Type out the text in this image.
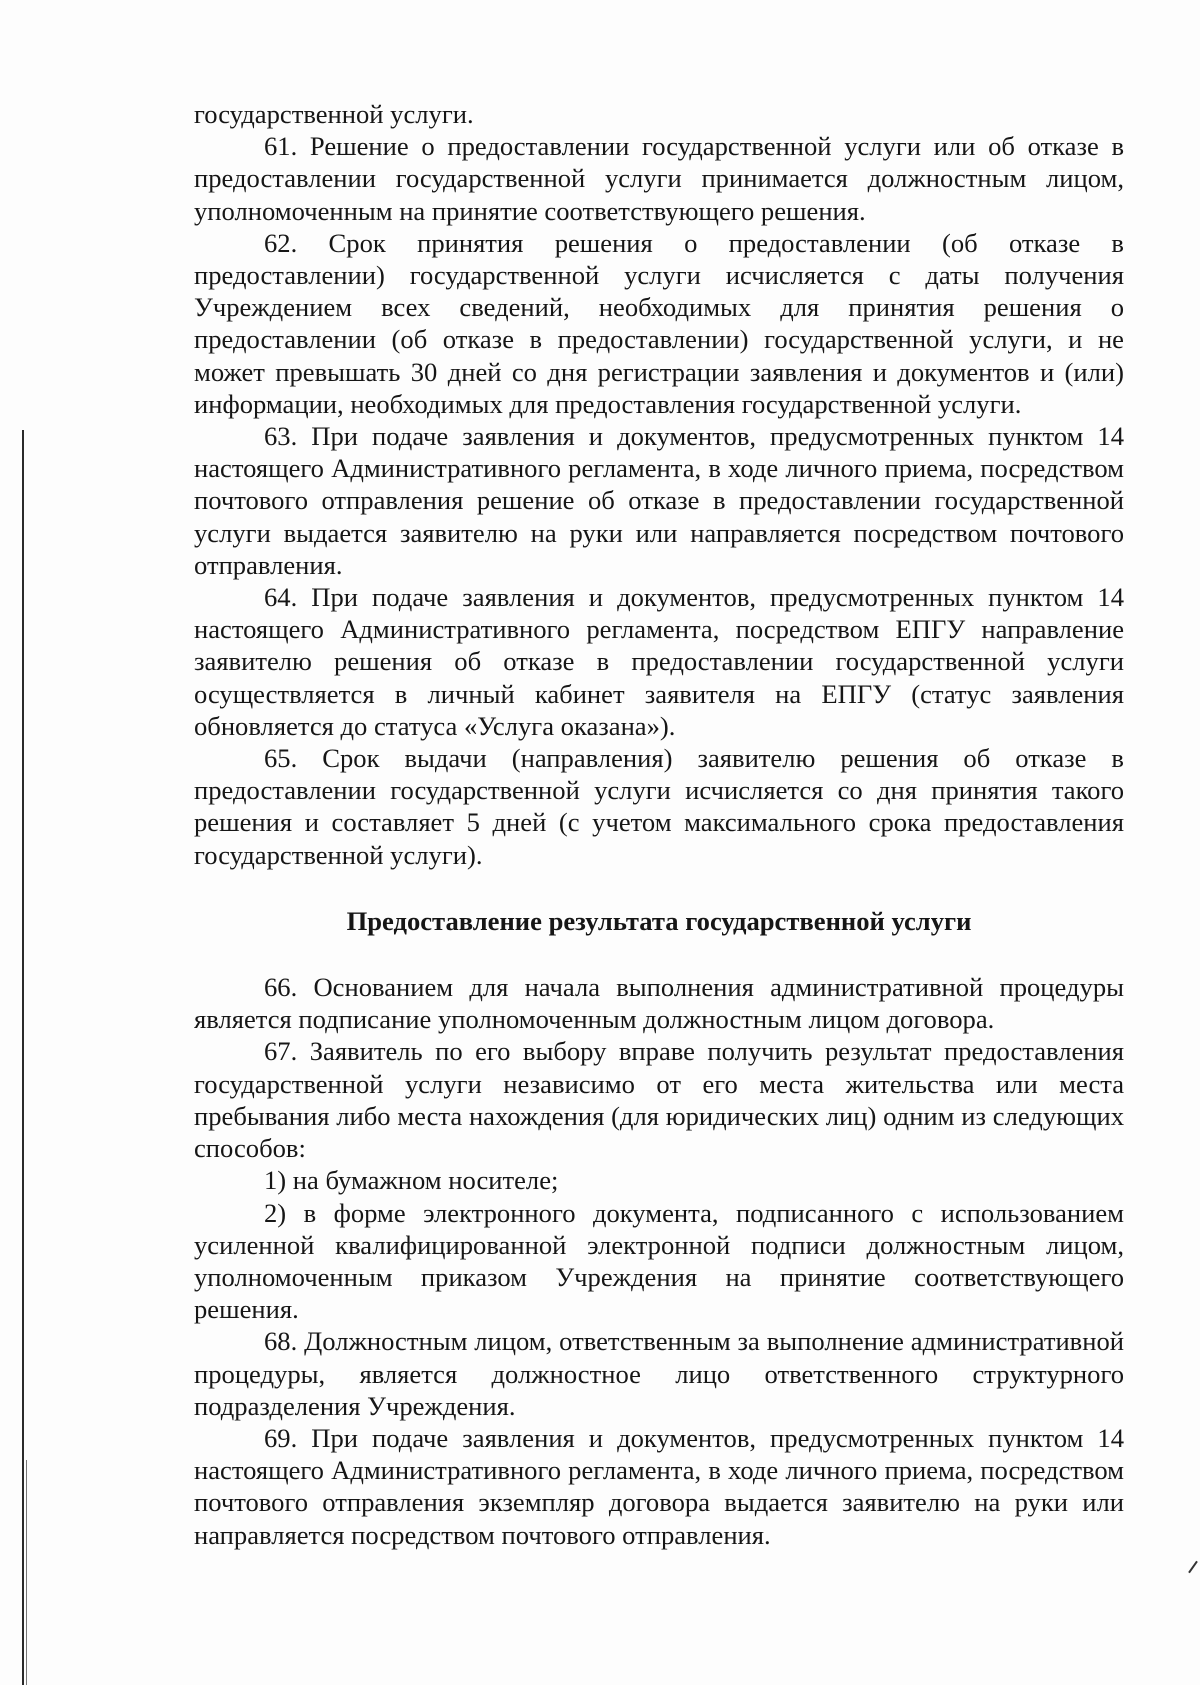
государственной услуги.

61. Решение о предоставлении государственной услуги или об отказе в предоставлении государственной услуги принимается должностным лицом, уполномоченным на принятие соответствующего решения.

62. Срок принятия решения о предоставлении (об отказе в предоставлении) государственной услуги исчисляется с даты получения Учреждением всех сведений, необходимых для принятия решения о предоставлении (об отказе в предоставлении) государственной услуги, и не может превышать 30 дней со дня регистрации заявления и документов и (или) информации, необходимых для предоставления государственной услуги.

63. При подаче заявления и документов, предусмотренных пунктом 14 настоящего Административного регламента, в ходе личного приема, посредством почтового отправления решение об отказе в предоставлении государственной услуги выдается заявителю на руки или направляется посредством почтового отправления.

64. При подаче заявления и документов, предусмотренных пунктом 14 настоящего Административного регламента, посредством ЕПГУ направление заявителю решения об отказе в предоставлении государственной услуги осуществляется в личный кабинет заявителя на ЕПГУ (статус заявления обновляется до статуса «Услуга оказана»).

65. Срок выдачи (направления) заявителю решения об отказе в предоставлении государственной услуги исчисляется со дня принятия такого решения и составляет 5 дней (с учетом максимального срока предоставления государственной услуги).

Предоставление результата государственной услуги

66. Основанием для начала выполнения административной процедуры является подписание уполномоченным должностным лицом договора.

67. Заявитель по его выбору вправе получить результат предоставления государственной услуги независимо от его места жительства или места пребывания либо места нахождения (для юридических лиц) одним из следующих способов:

1) на бумажном носителе;

2) в форме электронного документа, подписанного с использованием усиленной квалифицированной электронной подписи должностным лицом, уполномоченным приказом Учреждения на принятие соответствующего решения.

68. Должностным лицом, ответственным за выполнение административной процедуры, является должностное лицо ответственного структурного подразделения Учреждения.

69. При подаче заявления и документов, предусмотренных пунктом 14 настоящего Административного регламента, в ходе личного приема, посредством почтового отправления экземпляр договора выдается заявителю на руки или направляется посредством почтового отправления.
